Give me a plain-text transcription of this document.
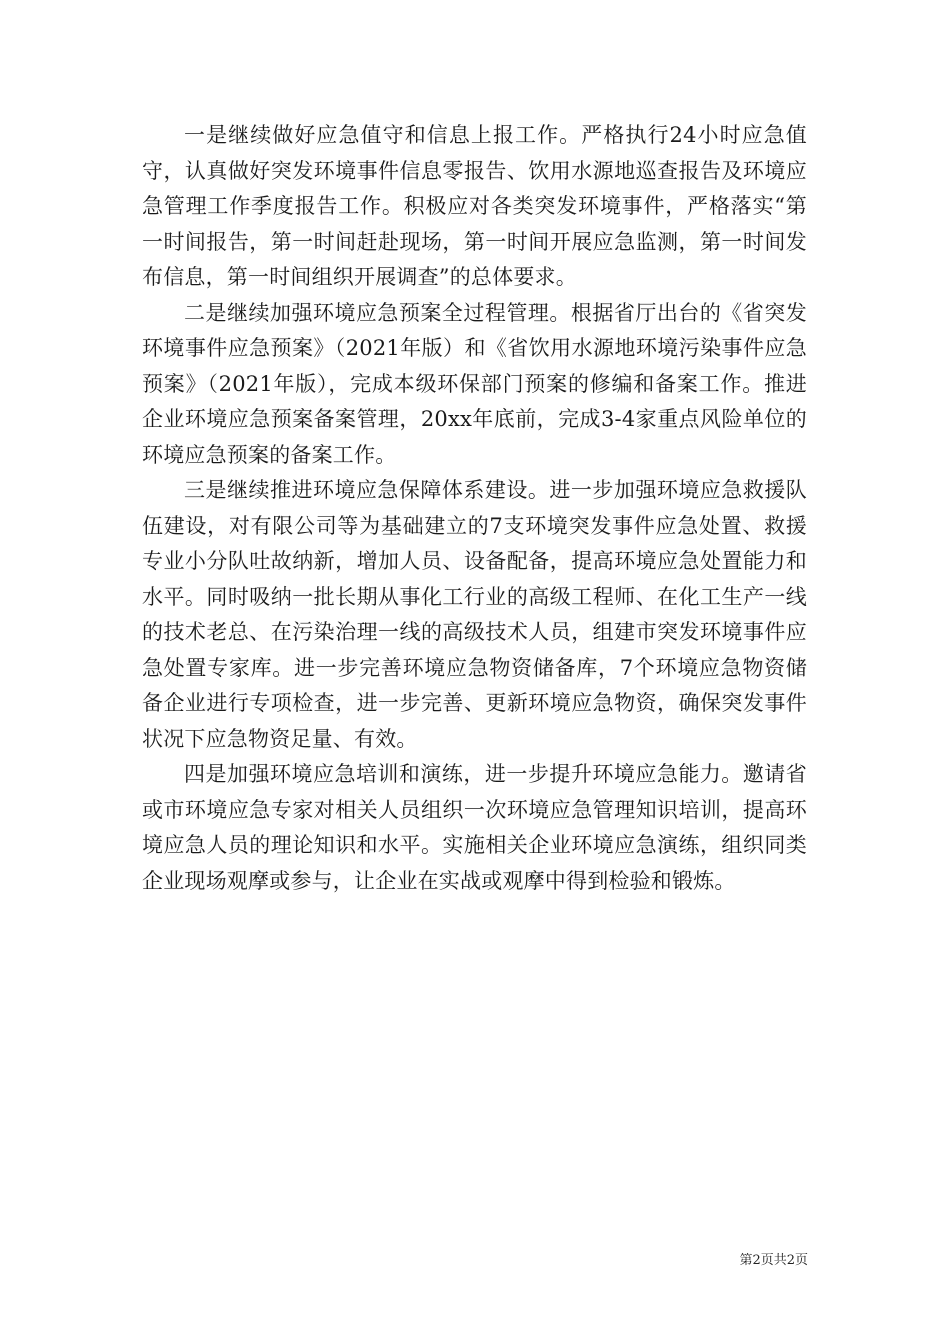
一是继续做好应急值守和信息上报工作。严格执行24小时应急值守，认真做好突发环境事件信息零报告、饮用水源地巡查报告及环境应急管理工作季度报告工作。积极应对各类突发环境事件，严格落实“第一时间报告，第一时间赶赴现场，第一时间开展应急监测，第一时间发布信息，第一时间组织开展调查”的总体要求。

二是继续加强环境应急预案全过程管理。根据省厅出台的《省突发环境事件应急预案》（2021年版）和《省饮用水源地环境污染事件应急预案》（2021年版），完成本级环保部门预案的修编和备案工作。推进企业环境应急预案备案管理，20xx年底前，完成3-4家重点风险单位的环境应急预案的备案工作。

三是继续推进环境应急保障体系建设。进一步加强环境应急救援队伍建设，对有限公司等为基础建立的7支环境突发事件应急处置、救援专业小分队吐故纳新，增加人员、设备配备，提高环境应急处置能力和水平。同时吸纳一批长期从事化工行业的高级工程师、在化工生产一线的技术老总、在污染治理一线的高级技术人员，组建市突发环境事件应急处置专家库。进一步完善环境应急物资储备库，7个环境应急物资储备企业进行专项检查，进一步完善、更新环境应急物资，确保突发事件状况下应急物资足量、有效。

四是加强环境应急培训和演练，进一步提升环境应急能力。邀请省或市环境应急专家对相关人员组织一次环境应急管理知识培训，提高环境应急人员的理论知识和水平。实施相关企业环境应急演练，组织同类企业现场观摩或参与，让企业在实战或观摩中得到检验和锻炼。

第2页共2页
